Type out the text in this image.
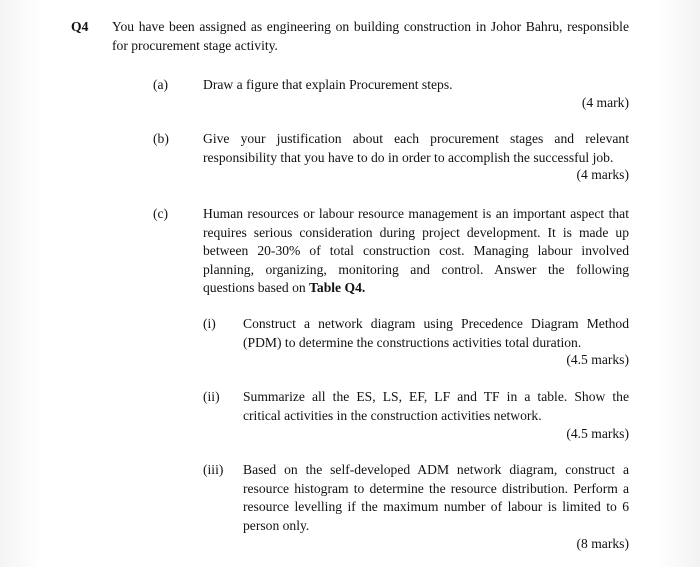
Q4 You have been assigned as engineering on building construction in Johor Bahru, responsible
for procurement stage activity.
(a)	Draw a figure that explain Procurement steps.
(4 mark)
(b)	Give your justification about each procurement stages and relevant
responsibility that you have to do in order to accomplish the successful job.
(4 marks)
(c)	Human resources or labour resource management is an important aspect that
requires serious consideration during project development. It is made up
between 20-30% of total construction cost. Managing labour involved
planning, organizing, monitoring and control. Answer the following
questions based on Table Q4.
(i) Construct a network diagram using Precedence Diagram Method
(PDM) to determine the constructions activities total duration.
(4.5 marks)
(ii) Summarize all the ES, LS, EF, LF and TF in a table. Show the
critical activities in the construction activities network.
(4.5 marks)
(iii) Based on the self-developed ADM network diagram, construct a
resource histogram to determine the resource distribution. Perform a
resource levelling if the maximum number of labour is limited to 6
person only.
(8 marks)
